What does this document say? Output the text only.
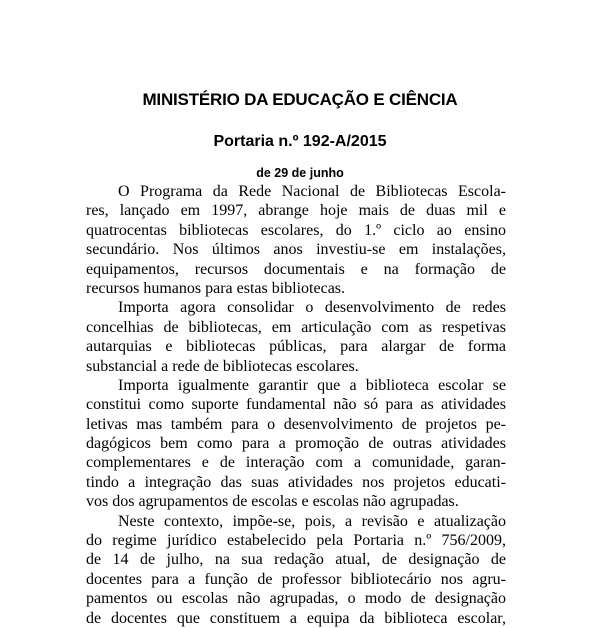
MINISTÉRIO DA EDUCAÇÃO E CIÊNCIA
Portaria n.º 192-A/2015
de 29 de junho
O Programa da Rede Nacional de Bibliotecas Escola-
res, lançado em 1997, abrange hoje mais de duas mil e
quatrocentas bibliotecas escolares, do 1.º ciclo ao ensino
secundário. Nos últimos anos investiu-se em instalações,
equipamentos, recursos documentais e na formação de
recursos humanos para estas bibliotecas.
Importa agora consolidar o desenvolvimento de redes
concelhias de bibliotecas, em articulação com as respetivas
autarquias e bibliotecas públicas, para alargar de forma
substancial a rede de bibliotecas escolares.
Importa igualmente garantir que a biblioteca escolar se
constitui como suporte fundamental não só para as atividades
letivas mas também para o desenvolvimento de projetos pe-
dagógicos bem como para a promoção de outras atividades
complementares e de interação com a comunidade, garan-
tindo a integração das suas atividades nos projetos educati-
vos dos agrupamentos de escolas e escolas não agrupadas.
Neste contexto, impõe-se, pois, a revisão e atualização
do regime jurídico estabelecido pela Portaria n.º 756/2009,
de 14 de julho, na sua redação atual, de designação de
docentes para a função de professor bibliotecário nos agru-
pamentos ou escolas não agrupadas, o modo de designação
de docentes que constituem a equipa da biblioteca escolar,
